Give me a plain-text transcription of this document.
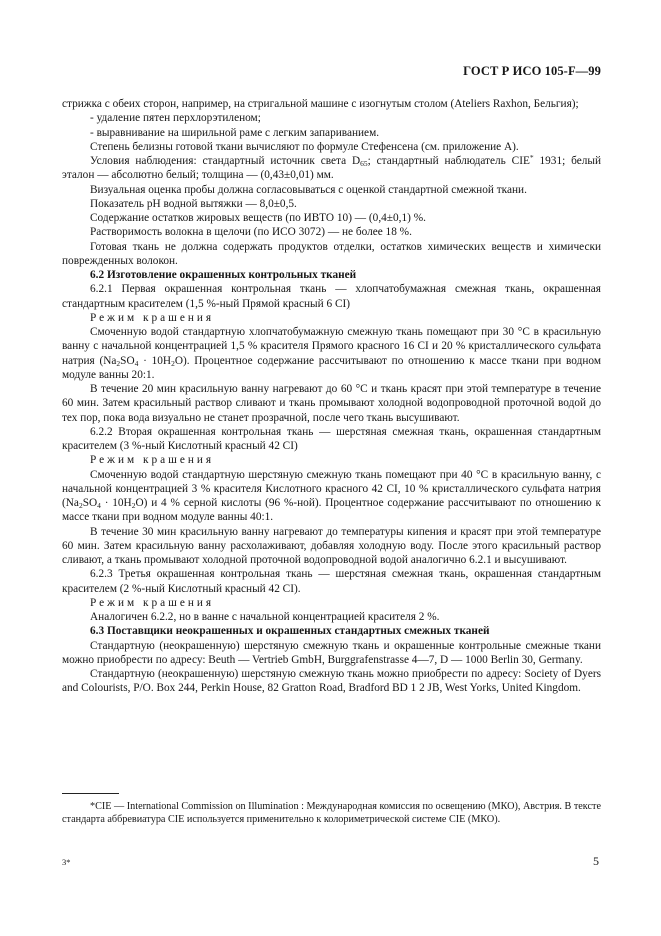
ГОСТ Р ИСО 105-F—99

стрижка с обеих сторон, например, на стригальной машине с изогнутым столом (Ateliers Raxhon, Бельгия);

- удаление пятен перхлорэтиленом;

- выравнивание на ширильной раме с легким запариванием.

Степень белизны готовой ткани вычисляют по формуле Стефенсена (см. приложение А).

Условия наблюдения: стандартный источник света $D_{65}$; стандартный наблюдатель CIE* 1931; белый эталон — абсолютно белый; толщина — (0,43±0,01) мм.

Визуальная оценка пробы должна согласовываться с оценкой стандартной смежной ткани.

Показатель рН водной вытяжки — 8,0±0,5.

Содержание остатков жировых веществ (по ИВТО 10) — (0,4±0,1) %.

Растворимость волокна в щелочи (по ИСО 3072) — не более 18 %.

Готовая ткань не должна содержать продуктов отделки, остатков химических веществ и химически поврежденных волокон.

6.2 Изготовление окрашенных контрольных тканей

6.2.1 Первая окрашенная контрольная ткань — хлопчатобумажная смежная ткань, окрашенная стандартным красителем (1,5 %-ный Прямой красный 6 CI)

Режим крашения

Смоченную водой стандартную хлопчатобумажную смежную ткань помещают при 30 °С в красильную ванну с начальной концентрацией 1,5 % красителя Прямого красного 16 CI и 20 % кристаллического сульфата натрия $(Na_2SO_4 \cdot 10H_2O)$. Процентное содержание рассчитывают по отношению к массе ткани при водном модуле ванны 20:1.

В течение 20 мин красильную ванну нагревают до 60 °С и ткань красят при этой температуре в течение 60 мин. Затем красильный раствор сливают и ткань промывают холодной водопроводной проточной водой до тех пор, пока вода визуально не станет прозрачной, после чего ткань высушивают.

6.2.2 Вторая окрашенная контрольная ткань — шерстяная смежная ткань, окрашенная стандартным красителем (3 %-ный Кислотный красный 42 CI)

Режим крашения

Смоченную водой стандартную шерстяную смежную ткань помещают при 40 °С в красильную ванну, с начальной концентрацией 3 % красителя Кислотного красного 42 CI, 10 % кристаллического сульфата натрия $(Na_2SO_4 \cdot 10H_2O)$ и 4 % серной кислоты (96 %-ной). Процентное содержание рассчитывают по отношению к массе ткани при водном модуле ванны 40:1.

В течение 30 мин красильную ванну нагревают до температуры кипения и красят при этой температуре 60 мин. Затем красильную ванну расхолаживают, добавляя холодную воду. После этого красильный раствор сливают, а ткань промывают холодной проточной водопроводной водой аналогично 6.2.1 и высушивают.

6.2.3 Третья окрашенная контрольная ткань — шерстяная смежная ткань, окрашенная стандартным красителем (2 %-ный Кислотный красный 42 CI).

Режим крашения

Аналогичен 6.2.2, но в ванне с начальной концентрацией красителя 2 %.

6.3 Поставщики неокрашенных и окрашенных стандартных смежных тканей

Стандартную (неокрашенную) шерстяную смежную ткань и окрашенные контрольные смежные ткани можно приобрести по адресу: Beuth — Vertrieb GmbH, Burggrafenstrasse 4—7, D — 1000 Berlin 30, Germany.

Стандартную (неокрашенную) шерстяную смежную ткань можно приобрести по адресу: Society of Dyers and Colourists, P/O. Box 244, Perkin House, 82 Gratton Road, Bradford BD 1 2 JB, West Yorks, United Kingdom.

*CIE — International Commission on Illumination : Международная комиссия по освещению (МКО), Австрия. В тексте стандарта аббревиатура CIE используется применительно к колориметрической системе CIE (МКО).

3*	5
